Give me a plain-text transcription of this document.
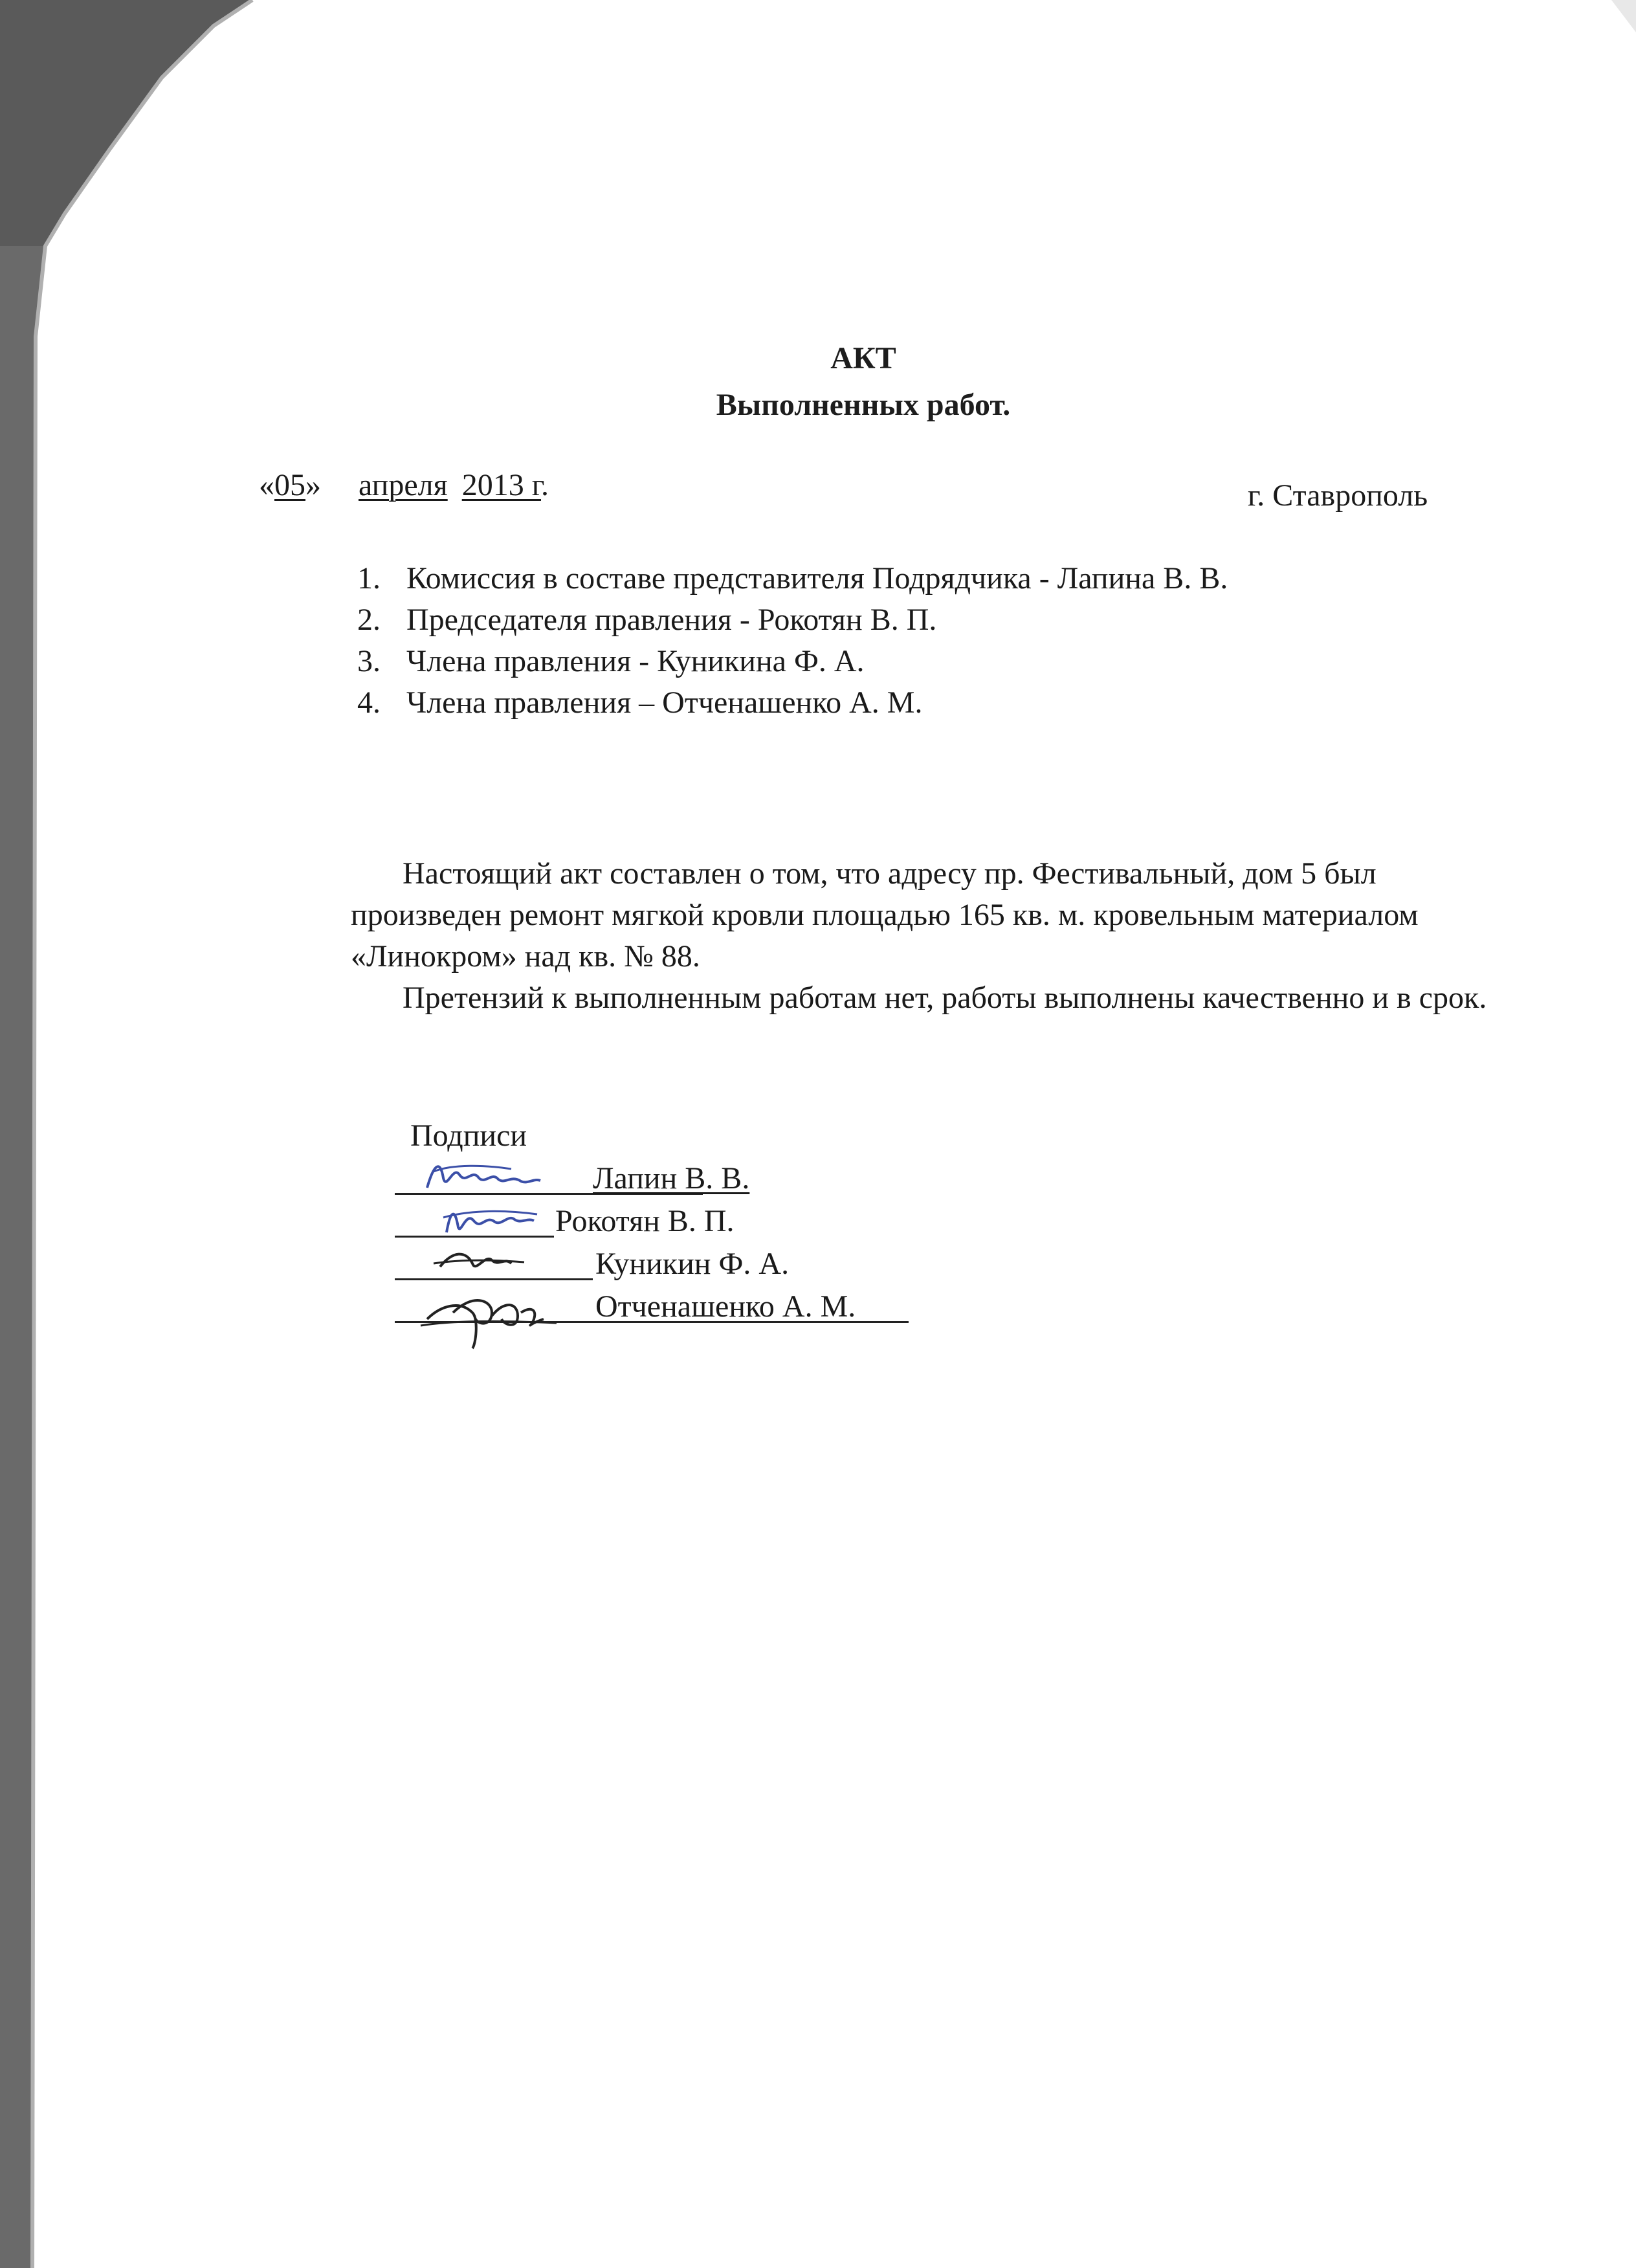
АКТ
Выполненных работ.
«05» апреля 2013 г.	г. Ставрополь
1. Комиссия в составе представителя Подрядчика - Лапина В. В.
2. Председателя правления - Рокотян В. П.
3. Члена правления - Куникина Ф. А.
4. Члена правления – Отченашенко А. М.

Настоящий акт составлен о том, что адресу пр. Фестивальный, дом 5 был произведен ремонт мягкой кровли площадью 165 кв. м. кровельным материалом «Линокром» над кв. № 88.

Претензий к выполненным работам нет, работы выполнены качественно и в срок.

Подписи
Лапин В. В.
Рокотян В. П.
Куникин Ф. А.
Отченашенко А. М.
